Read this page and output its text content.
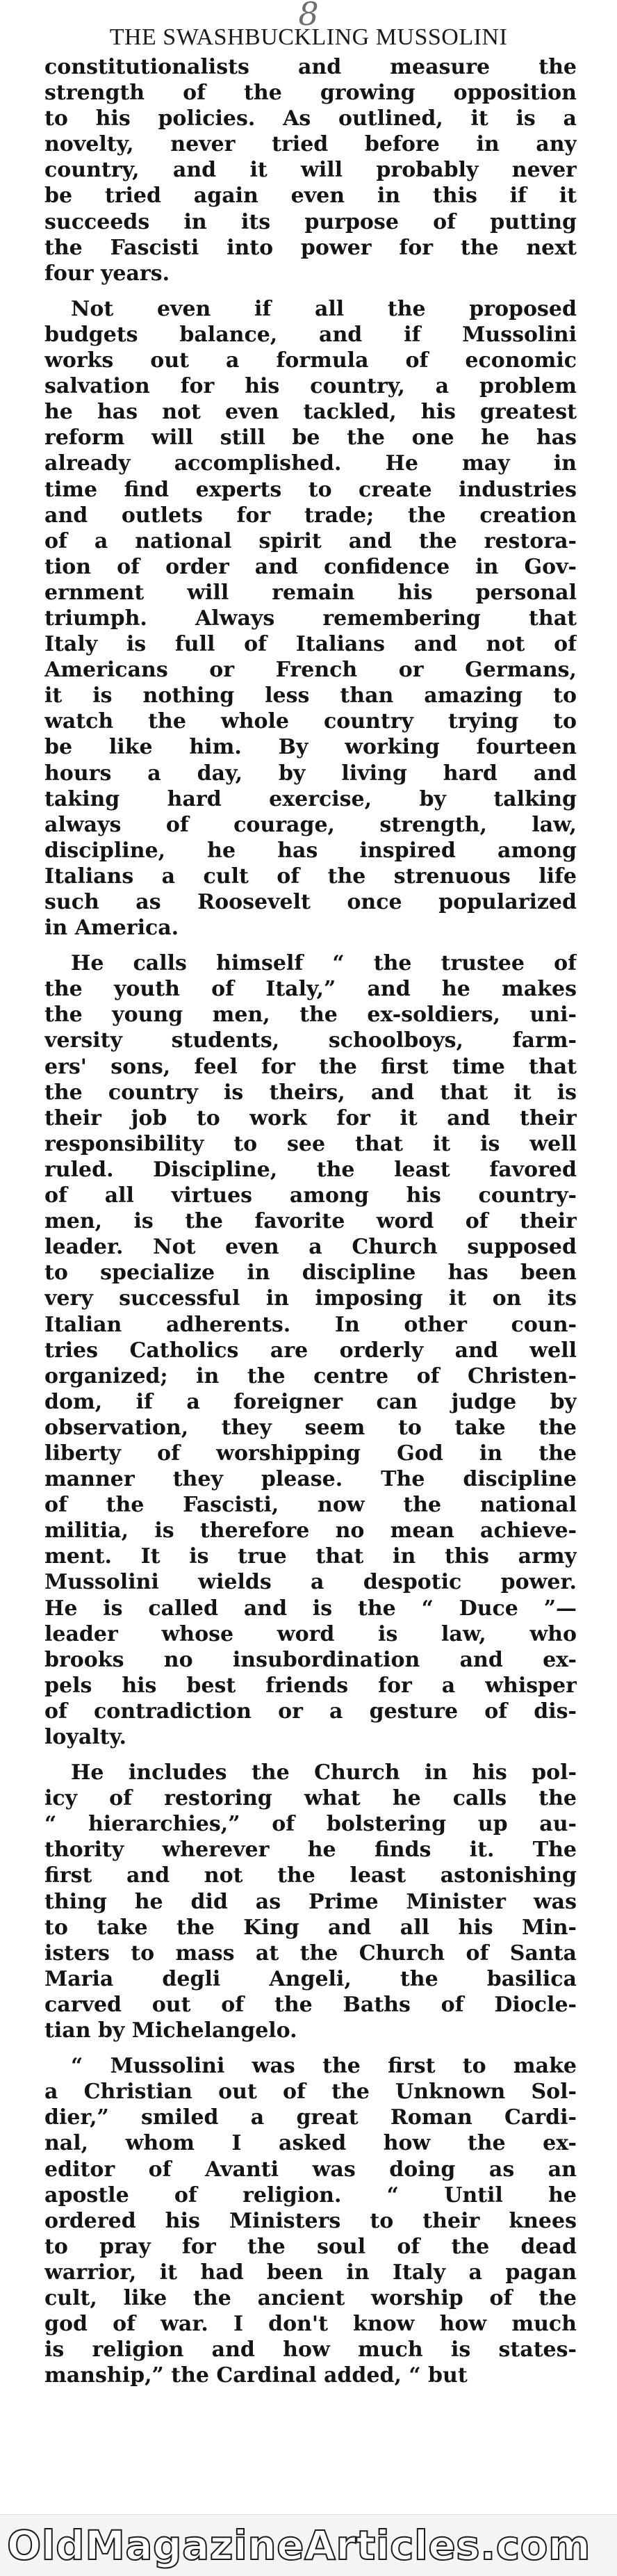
8
THE SWASHBUCKLING MUSSOLINI
constitutionalists and measure the
strength of the growing opposition
to his policies. As outlined, it is a
novelty, never tried before in any
country, and it will probably never
be tried again even in this if it
succeeds in its purpose of putting
the Fascisti into power for the next
four years.
Not even if all the proposed
budgets balance, and if Mussolini
works out a formula of economic
salvation for his country, a problem
he has not even tackled, his greatest
reform will still be the one he has
already accomplished. He may in
time find experts to create industries
and outlets for trade; the creation
of a national spirit and the restora-
tion of order and confidence in Gov-
ernment will remain his personal
triumph. Always remembering that
Italy is full of Italians and not of
Americans or French or Germans,
it is nothing less than amazing to
watch the whole country trying to
be like him. By working fourteen
hours a day, by living hard and
taking hard exercise, by talking
always of courage, strength, law,
discipline, he has inspired among
Italians a cult of the strenuous life
such as Roosevelt once popularized
in America.
He calls himself “ the trustee of
the youth of Italy,” and he makes
the young men, the ex-soldiers, uni-
versity students, schoolboys, farm-
ers' sons, feel for the first time that
the country is theirs, and that it is
their job to work for it and their
responsibility to see that it is well
ruled. Discipline, the least favored
of all virtues among his country-
men, is the favorite word of their
leader. Not even a Church supposed
to specialize in discipline has been
very successful in imposing it on its
Italian adherents. In other coun-
tries Catholics are orderly and well
organized; in the centre of Christen-
dom, if a foreigner can judge by
observation, they seem to take the
liberty of worshipping God in the
manner they please. The discipline
of the Fascisti, now the national
militia, is therefore no mean achieve-
ment. It is true that in this army
Mussolini wields a despotic power.
He is called and is the “ Duce ”—
leader whose word is law, who
brooks no insubordination and ex-
pels his best friends for a whisper
of contradiction or a gesture of dis-
loyalty.
He includes the Church in his pol-
icy of restoring what he calls the
“ hierarchies,” of bolstering up au-
thority wherever he finds it. The
first and not the least astonishing
thing he did as Prime Minister was
to take the King and all his Min-
isters to mass at the Church of Santa
Maria degli Angeli, the basilica
carved out of the Baths of Diocle-
tian by Michelangelo.
“ Mussolini was the first to make
a Christian out of the Unknown Sol-
dier,” smiled a great Roman Cardi-
nal, whom I asked how the ex-
editor of Avanti was doing as an
apostle of religion. “ Until he
ordered his Ministers to their knees
to pray for the soul of the dead
warrior, it had been in Italy a pagan
cult, like the ancient worship of the
god of war. I don't know how much
is religion and how much is states-
manship,” the Cardinal added, “ but
OldMagazineArticles.com
